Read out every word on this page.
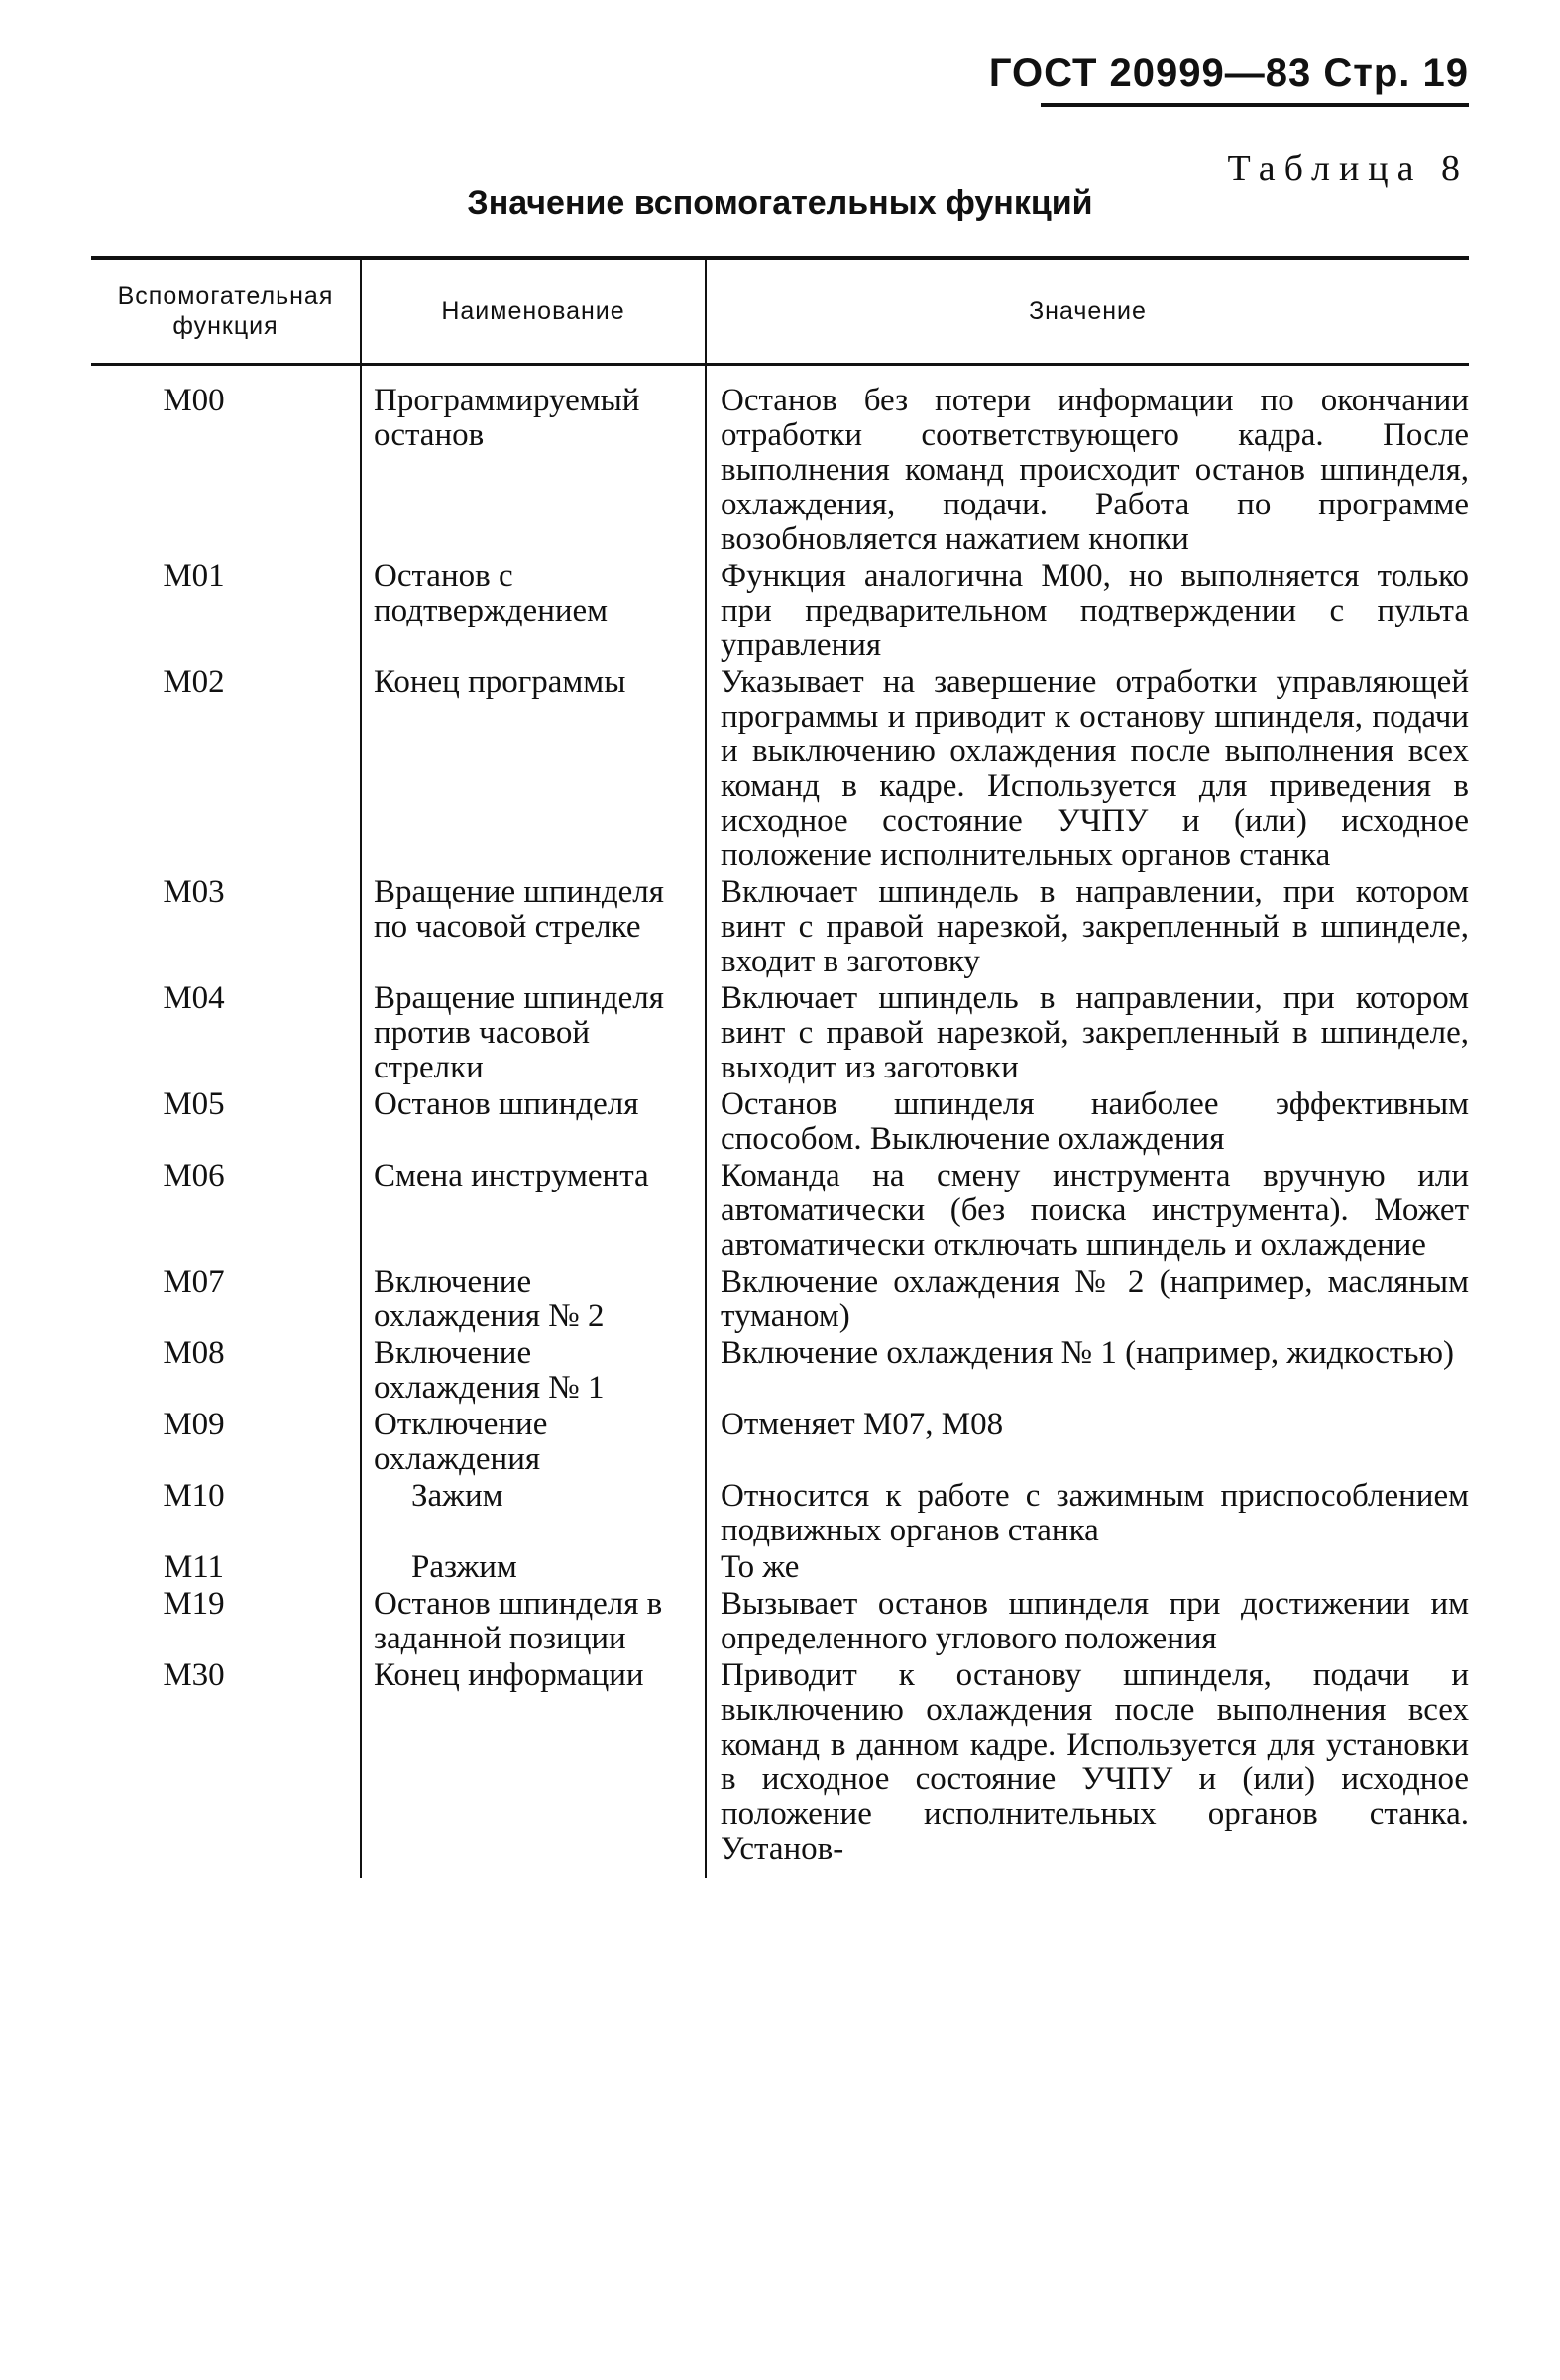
ГОСТ 20999—83 Стр. 19
Таблица 8
Значение вспомогательных функций
Вспомогательная функция	Наименование	Значение
М00	Программируемый останов	Останов без потери информации по окончании отработки соответствующего кадра. После выполнения команд происходит останов шпинделя, охлаждения, подачи. Работа по программе возобновляется нажатием кнопки
М01	Останов с подтверждением	Функция аналогична М00, но выполняется только при предварительном подтверждении с пульта управления
М02	Конец программы	Указывает на завершение отработки управляющей программы и приводит к останову шпинделя, подачи и выключению охлаждения после выполнения всех команд в кадре. Используется для приведения в исходное состояние УЧПУ и (или) исходное положение исполнительных органов станка
М03	Вращение шпинделя по часовой стрелке	Включает шпиндель в направлении, при котором винт с правой нарезкой, закрепленный в шпинделе, входит в заготовку
М04	Вращение шпинделя против часовой стрелки	Включает шпиндель в направлении, при котором винт с правой нарезкой, закрепленный в шпинделе, выходит из заготовки
М05	Останов шпинделя	Останов шпинделя наиболее эффективным способом. Выключение охлаждения
М06	Смена инструмента	Команда на смену инструмента вручную или автоматически (без поиска инструмента). Может автоматически отключать шпиндель и охлаждение
М07	Включение охлаждения № 2	Включение охлаждения № 2 (например, масляным туманом)
М08	Включение охлаждения № 1	Включение охлаждения № 1 (например, жидкостью)
М09	Отключение охлаждения	Отменяет М07, М08
М10	Зажим	Относится к работе с зажимным приспособлением подвижных органов станка
М11	Разжим	То же
М19	Останов шпинделя в заданной позиции	Вызывает останов шпинделя при достижении им определенного углового положения
М30	Конец информации	Приводит к останову шпинделя, подачи и выключению охлаждения после выполнения всех команд в данном кадре. Используется для установки в исходное состояние УЧПУ и (или) исходное положение исполнительных органов станка. Установ-
